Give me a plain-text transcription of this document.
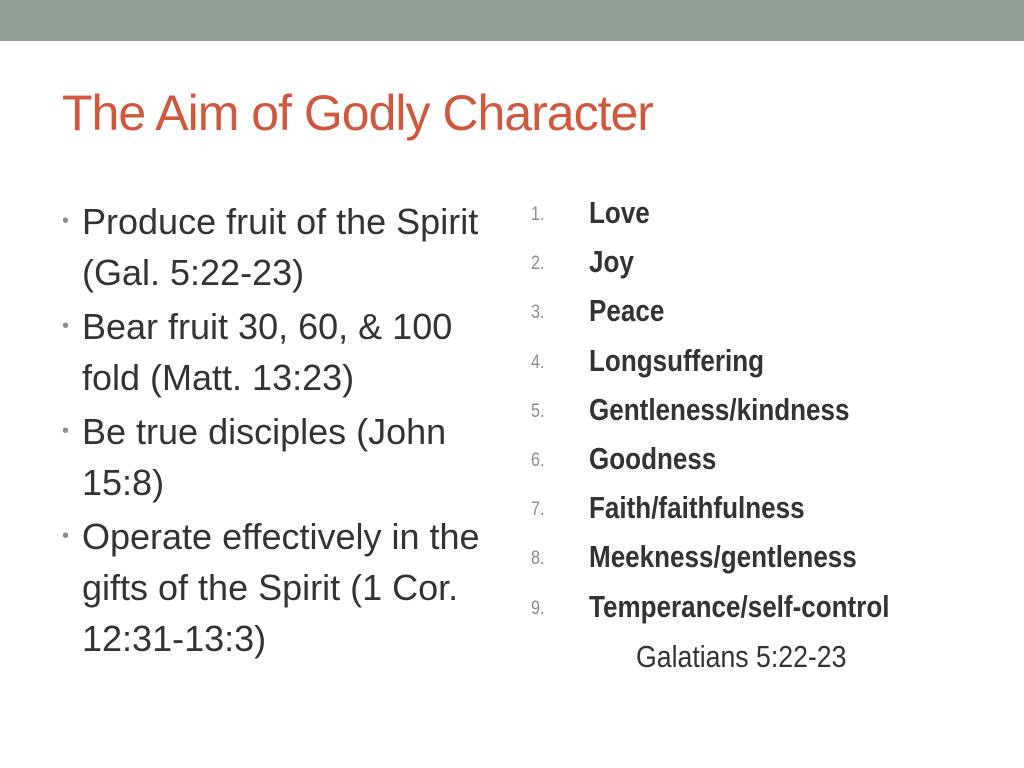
The Aim of Godly Character
• Produce fruit of the Spirit (Gal. 5:22-23)
• Bear fruit 30, 60, & 100 fold (Matt. 13:23)
• Be true disciples (John 15:8)
• Operate effectively in the gifts of the Spirit (1 Cor. 12:31-13:3)
1. Love
2. Joy
3. Peace
4. Longsuffering
5. Gentleness/kindness
6. Goodness
7. Faith/faithfulness
8. Meekness/gentleness
9. Temperance/self-control
Galatians 5:22-23
